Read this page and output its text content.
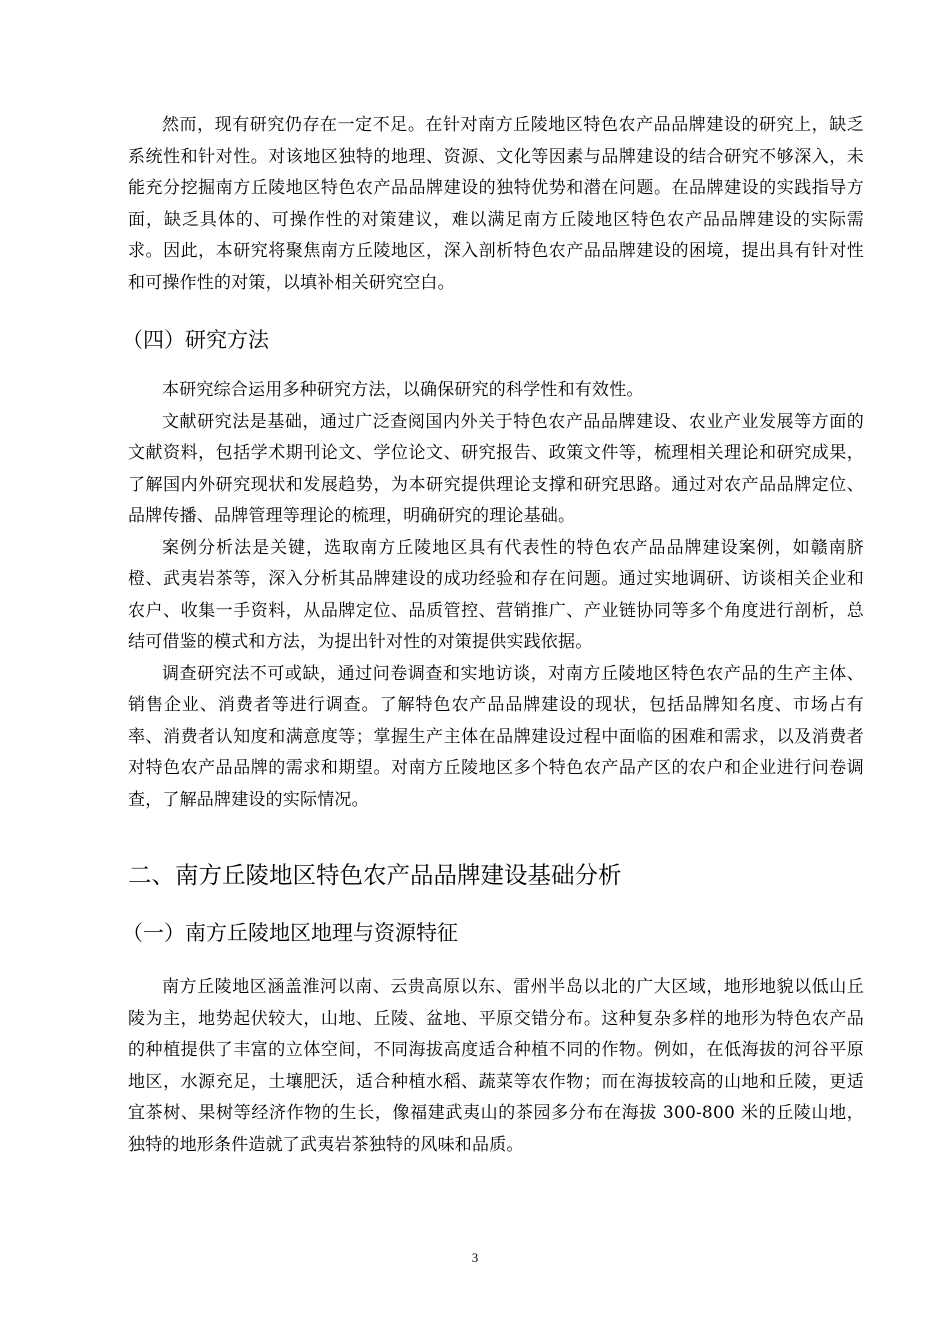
然而，现有研究仍存在一定不足。在针对南方丘陵地区特色农产品品牌建设的研究上，缺乏系统性和针对性。对该地区独特的地理、资源、文化等因素与品牌建设的结合研究不够深入，未能充分挖掘南方丘陵地区特色农产品品牌建设的独特优势和潜在问题。在品牌建设的实践指导方面，缺乏具体的、可操作性的对策建议，难以满足南方丘陵地区特色农产品品牌建设的实际需求。因此，本研究将聚焦南方丘陵地区，深入剖析特色农产品品牌建设的困境，提出具有针对性和可操作性的对策，以填补相关研究空白。

（四）研究方法

本研究综合运用多种研究方法，以确保研究的科学性和有效性。

文献研究法是基础，通过广泛查阅国内外关于特色农产品品牌建设、农业产业发展等方面的文献资料，包括学术期刊论文、学位论文、研究报告、政策文件等，梳理相关理论和研究成果，了解国内外研究现状和发展趋势，为本研究提供理论支撑和研究思路。通过对农产品品牌定位、品牌传播、品牌管理等理论的梳理，明确研究的理论基础。

案例分析法是关键，选取南方丘陵地区具有代表性的特色农产品品牌建设案例，如赣南脐橙、武夷岩茶等，深入分析其品牌建设的成功经验和存在问题。通过实地调研、访谈相关企业和农户、收集一手资料，从品牌定位、品质管控、营销推广、产业链协同等多个角度进行剖析，总结可借鉴的模式和方法，为提出针对性的对策提供实践依据。

调查研究法不可或缺，通过问卷调查和实地访谈，对南方丘陵地区特色农产品的生产主体、销售企业、消费者等进行调查。了解特色农产品品牌建设的现状，包括品牌知名度、市场占有率、消费者认知度和满意度等；掌握生产主体在品牌建设过程中面临的困难和需求，以及消费者对特色农产品品牌的需求和期望。对南方丘陵地区多个特色农产品产区的农户和企业进行问卷调查，了解品牌建设的实际情况。

二、南方丘陵地区特色农产品品牌建设基础分析
（一）南方丘陵地区地理与资源特征

南方丘陵地区涵盖淮河以南、云贵高原以东、雷州半岛以北的广大区域，地形地貌以低山丘陵为主，地势起伏较大，山地、丘陵、盆地、平原交错分布。这种复杂多样的地形为特色农产品的种植提供了丰富的立体空间，不同海拔高度适合种植不同的作物。例如，在低海拔的河谷平原地区，水源充足，土壤肥沃，适合种植水稻、蔬菜等农作物；而在海拔较高的山地和丘陵，更适宜茶树、果树等经济作物的生长，像福建武夷山的茶园多分布在海拔 300-800 米的丘陵山地，独特的地形条件造就了武夷岩茶独特的风味和品质。

3
